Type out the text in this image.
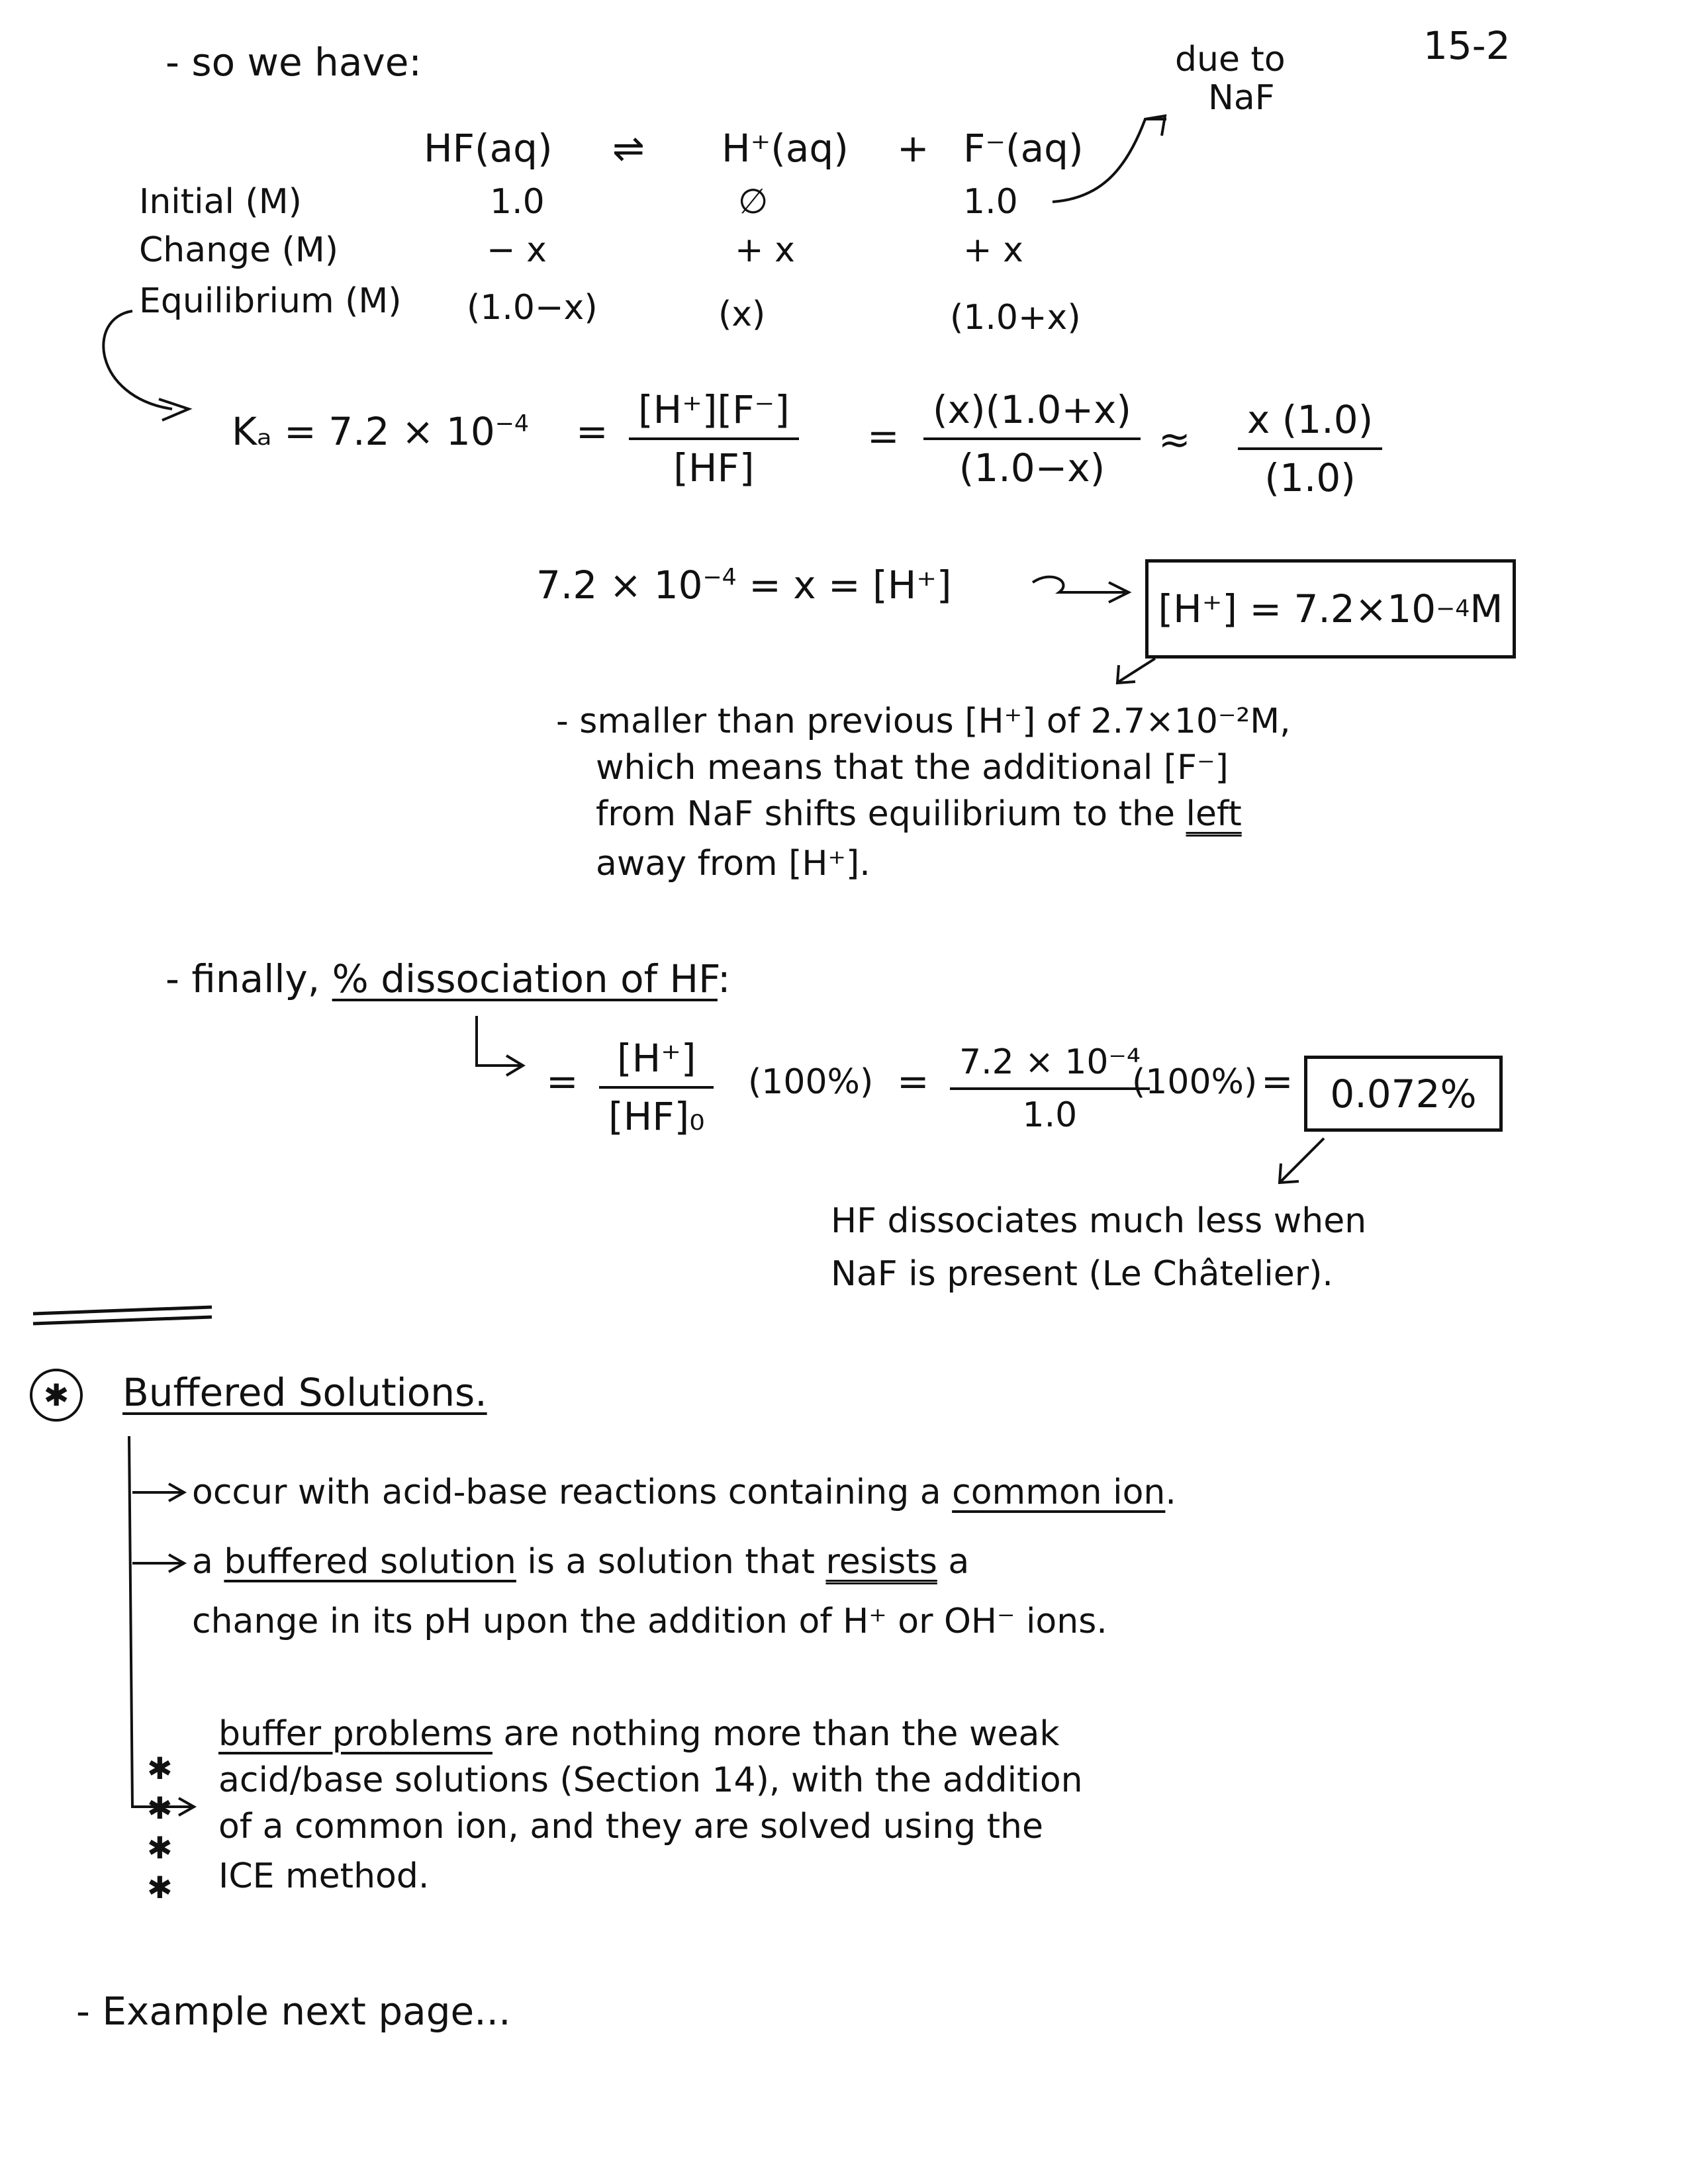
- so we have:	15-2
due to
NaF
HF(aq) ⇌ H⁺(aq) + F⁻(aq)
Initial (M)	1.0	∅	1.0
Change (M)	− x	+ x	+ x
Equilibrium (M) (1.0−x)	(x)	(1.0+x)
$K_a = 7.2 \times 10^{-4} = [H^+][F^-]$
[HF]
=
(x)(1.0+x)
(1.0−x)
≈ x (1.0)
(1.0)
$7.2 \times 10^{-4} = x = [H^+]$
[H⁺] = 7.2×10 −4 M
- smaller than previous [H⁺] of 2.7×10⁻²M,
which means that the additional [F⁻]
from NaF shifts equilibrium to the left
away from [H⁺].
- finally, % dissociation of HF:
=
[H⁺]
[HF]₀
(100%) = 7.2 × 10⁻⁴
1.0
(100%) = 0.072%
HF dissociates much less when
NaF is present (Le Châtelier).
✱ Buffered Solutions.
occur with acid-base reactions containing a common ion.
a buffered solution is a solution that resists a
change in its pH upon the addition of H⁺ or OH⁻ ions.
buffer problems are nothing more than the weak
acid/base solutions (Section 14), with the addition
of a common ion, and they are solved using the
ICE method.
✱
✱
✱
✱
- Example next page...
